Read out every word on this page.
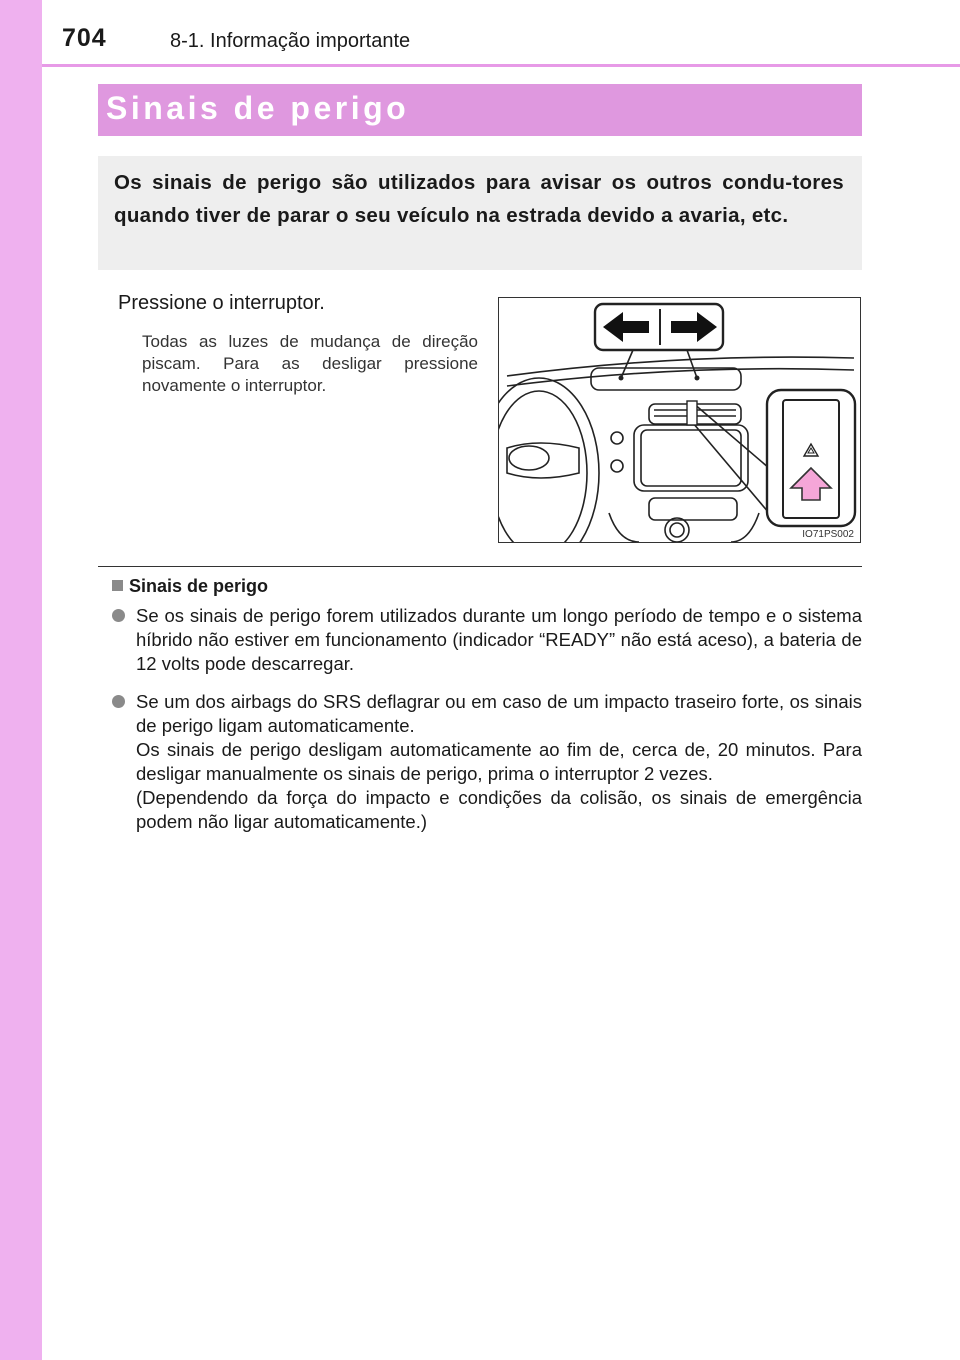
704	8-1. Informação importante
Sinais de perigo
Os sinais de perigo são utilizados para avisar os outros condu-tores quando tiver de parar o seu veículo na estrada devido a avaria, etc.
Pressione o interruptor.
Todas as luzes de mudança de direção piscam. Para as desligar pressione novamente o interruptor.
IO71PS002
Sinais de perigo

Se os sinais de perigo forem utilizados durante um longo período de tempo e o sistema híbrido não estiver em funcionamento (indicador “READY” não está aceso), a bateria de 12 volts pode descarregar.

Se um dos airbags do SRS deflagrar ou em caso de um impacto traseiro forte, os sinais de perigo ligam automaticamente.

Os sinais de perigo desligam automaticamente ao fim de, cerca de, 20 minutos. Para desligar manualmente os sinais de perigo, prima o interruptor 2 vezes.

(Dependendo da força do impacto e condições da colisão, os sinais de emergência podem não ligar automaticamente.)
